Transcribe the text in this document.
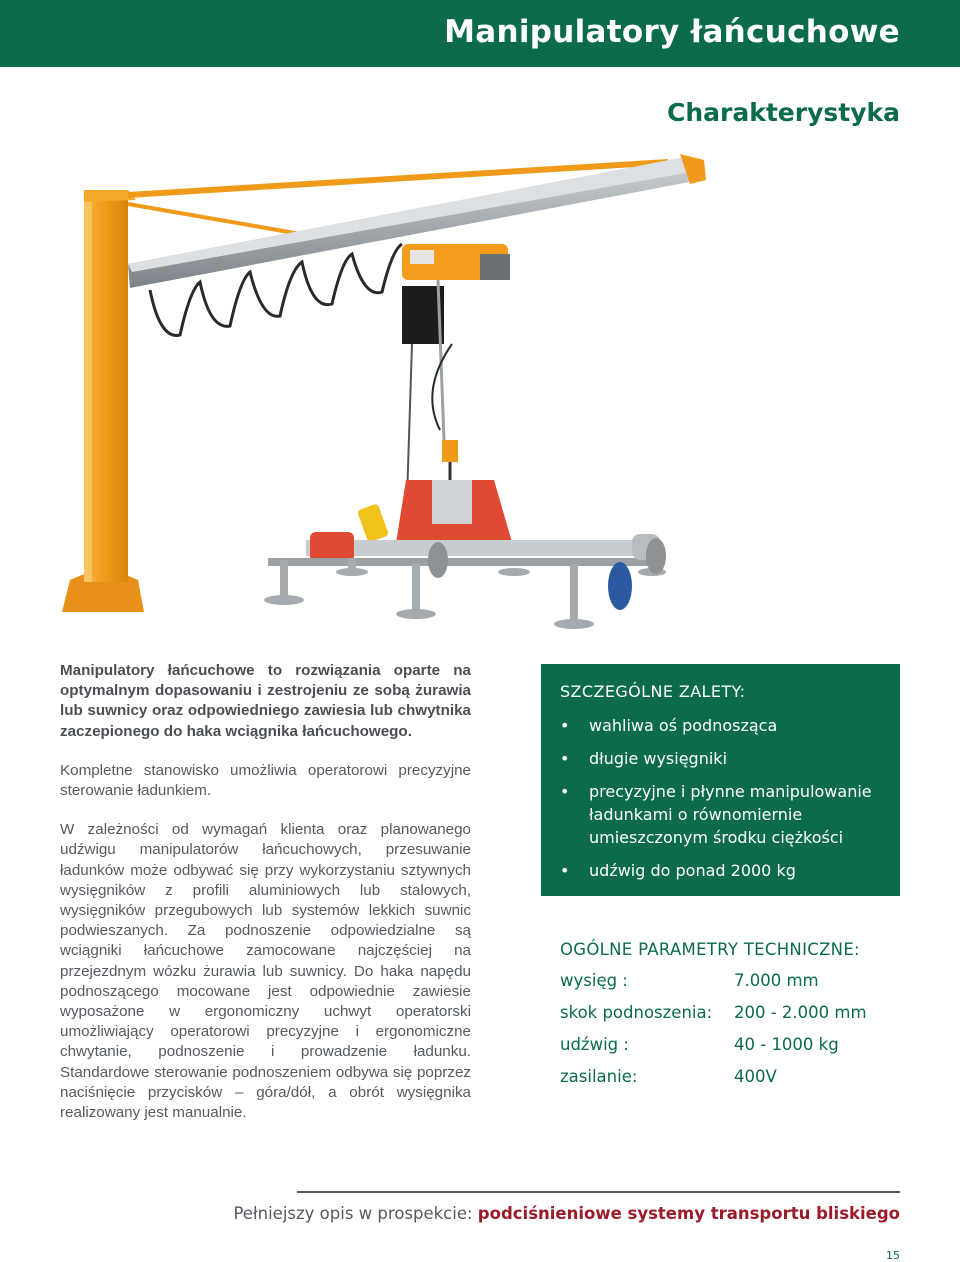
Manipulatory łańcuchowe
Charakterystyka

Manipulatory łańcuchowe to rozwiązania oparte na optymalnym dopasowaniu i zestrojeniu ze sobą żurawia lub suwnicy oraz odpowiedniego zawiesia lub chwytnika zaczepionego do haka wciągnika łańcuchowego.

Kompletne stanowisko umożliwia operatorowi precyzyjne sterowanie ładunkiem.

W zależności od wymagań klienta oraz planowanego udźwigu manipulatorów łańcuchowych, przesuwanie ładunków może odbywać się przy wykorzystaniu sztywnych wysięgników z profili aluminiowych lub stalowych, wysięgników przegubowych lub systemów lekkich suwnic podwieszanych. Za podnoszenie odpowiedzialne są wciągniki łańcuchowe zamocowane najczęściej na przejezdnym wózku żurawia lub suwnicy. Do haka napędu podnoszącego mocowane jest odpowiednie zawiesie wyposażone w ergonomiczny uchwyt operatorski umożliwiający operatorowi precyzyjne i ergonomiczne chwytanie, podnoszenie i prowadzenie ładunku. Standardowe sterowanie podnoszeniem odbywa się poprzez naciśnięcie przycisków – góra/dół, a obrót wysięgnika realizowany jest manualnie.

SZCZEGÓLNE ZALETY:
• wahliwa oś podnosząca
• długie wysięgniki
• precyzyjne i płynne manipulowanie ładunkami o równomiernie umieszczonym środku ciężkości
• udźwig do ponad 2000 kg
OGÓLNE PARAMETRY TECHNICZNE:
wysięg :	7.000 mm
skok podnoszenia: 200 - 2.000 mm
udźwig :	40 - 1000 kg
zasilanie:	400V
Pełniejszy opis w prospekcie: podciśnieniowe systemy transportu bliskiego
15
